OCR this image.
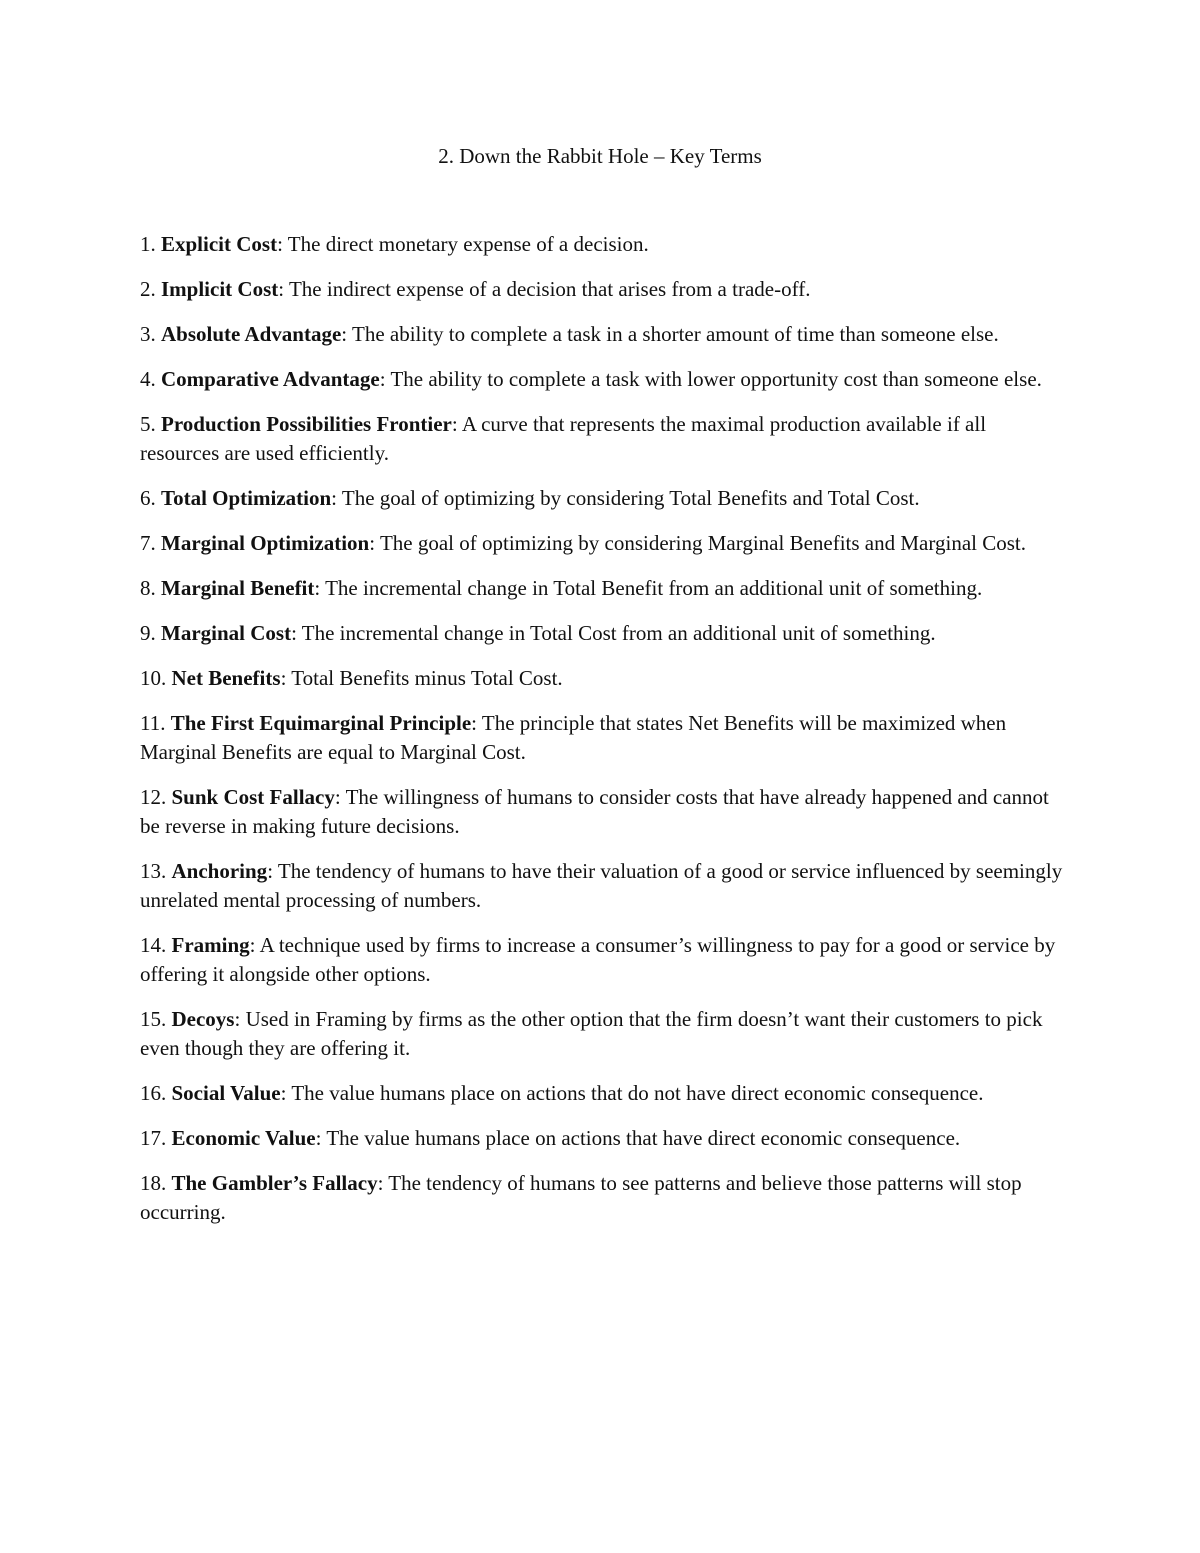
2. Down the Rabbit Hole – Key Terms
1. Explicit Cost: The direct monetary expense of a decision.
2. Implicit Cost: The indirect expense of a decision that arises from a trade-off.
3. Absolute Advantage: The ability to complete a task in a shorter amount of time than someone else.
4. Comparative Advantage: The ability to complete a task with lower opportunity cost than someone else.
5. Production Possibilities Frontier: A curve that represents the maximal production available if all resources are used efficiently.
6. Total Optimization: The goal of optimizing by considering Total Benefits and Total Cost.
7. Marginal Optimization: The goal of optimizing by considering Marginal Benefits and Marginal Cost.
8. Marginal Benefit: The incremental change in Total Benefit from an additional unit of something.
9. Marginal Cost: The incremental change in Total Cost from an additional unit of something.
10. Net Benefits: Total Benefits minus Total Cost.
11. The First Equimarginal Principle: The principle that states Net Benefits will be maximized when Marginal Benefits are equal to Marginal Cost.
12. Sunk Cost Fallacy: The willingness of humans to consider costs that have already happened and cannot be reverse in making future decisions.
13. Anchoring: The tendency of humans to have their valuation of a good or service influenced by seemingly unrelated mental processing of numbers.
14. Framing: A technique used by firms to increase a consumer’s willingness to pay for a good or service by offering it alongside other options.
15. Decoys: Used in Framing by firms as the other option that the firm doesn’t want their customers to pick even though they are offering it.
16. Social Value: The value humans place on actions that do not have direct economic consequence.
17. Economic Value: The value humans place on actions that have direct economic consequence.
18. The Gambler’s Fallacy: The tendency of humans to see patterns and believe those patterns will stop occurring.
